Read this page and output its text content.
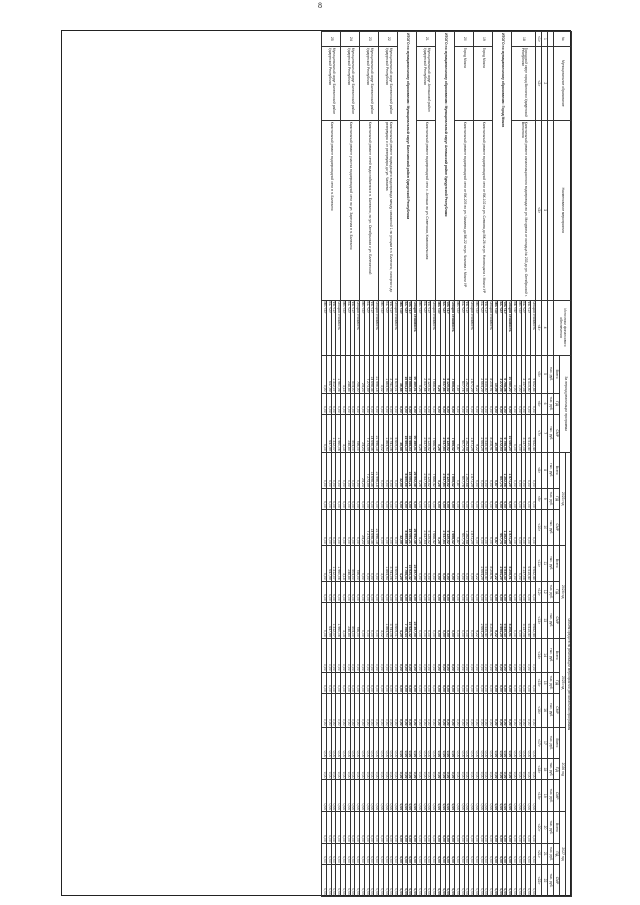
8
№	Муниципальное образование	Наименование мероприятия	Источники финансового обеспечения	За период реализации программы			Объем средств по реализации мероприятий региональной программы														
							2023 год			2024 год			2025 год			2026 год			2027 год		
				Всего	ПД	СМР	Всего	ПД	СМР	Всего	ПД	СМР	Всего	ПД	СМР	Всего	ПД	СМР	Всего	ПД	СМР
				тыс. руб.	тыс. руб.	тыс. руб.	тыс. руб.	тыс. руб.	тыс. руб.	тыс. руб.	тыс. руб.	тыс. руб.	тыс. руб.	тыс. руб.	тыс. руб.	тыс. руб.	тыс. руб.	тыс. руб.	тыс. руб.	тыс. руб.	тыс. руб.
1	2	3	4	5	6	7	8	9	10	11	12	13	14	15	16	17	18	19	20	21	22
<1>	<2>	<3>	<4>	<5>	<6>	<7>	<8>	<9>	<10>	<11>	<12>	<13>	<14>	<15>	<16>	<17>	<18>	<19>	<20>	<21>	<22>
18	Городской округ город Воткинск Удмуртской Республики	Капитальный ремонт канализационного водопровода по ул. Мичурина от колодца № 233 до ул. Октябрьской г. Воткинска	Общая стоимость	9 652,45	0,00	9 652,45	0,00	0,00	0,00	9 652,45	0,00	9 652,45	0,00	0,00	0,00	0,00	0,00	0,00	0,00	0,00	0,00
			ФБ <1>	6 515,40	0,00	6 515,40	0,00	0,00	0,00	6 515,40	0,00	6 515,40	0,00	0,00	0,00	0,00	0,00	0,00	0,00	0,00	0,00
			БС <2>	3 137,05	0,00	3 137,05	0,00	0,00	0,00	3 137,05	0,00	3 137,05	0,00	0,00	0,00	0,00	0,00	0,00	0,00	0,00	0,00
			МБ <3>	0,00	0,00	0,00	0,00	0,00	0,00	0,00	0,00	0,00	0,00	0,00	0,00	0,00	0,00	0,00	0,00	0,00	0,00
			ВБ <4>	0,00	0,00	0,00	0,00	0,00	0,00	0,00	0,00	0,00	0,00	0,00	0,00	0,00	0,00	0,00	0,00	0,00	0,00
ИТОГО по муниципальному образованию: Город Можга			Общая стоимость	10 080,20	0,00	10 080,20	1 871,29	0,00	1 871,29	8 208,91	0,00	8 208,91	0,00	0,00	0,00	0,00	0,00	0,00	0,00	0,00	0,00
			ФБ <1>	6 798,08	0,00	6 798,08	1 262,68	0,00	1 262,68	5 535,40	0,00	5 535,40	0,00	0,00	0,00	0,00	0,00	0,00	0,00	0,00	0,00
			БС <2>	3 272,03	0,00	3 272,03	607,74	0,00	607,74	2 664,29	0,00	2 664,29	0,00	0,00	0,00	0,00	0,00	0,00	0,00	0,00	0,00
			МБ <3>	10,09	0,00	10,09	0,87	0,00	0,87	9,22	0,00	9,22	0,00	0,00	0,00	0,00	0,00	0,00	0,00	0,00	0,00
19	Город Можга	Капитальный ремонт водопроводной сети от ВК-102 на ул. Сивкова до ВК-26 на ул. Наговицына г. Можги УР	Общая стоимость	8 208,91	0,00	8 208,91	0,00	0,00	0,00	8 208,91	0,00	8 208,91	0,00	0,00	0,00	0,00	0,00	0,00	0,00	0,00	0,00
			ФБ <1>	5 535,40	0,00	5 535,40	0,00	0,00	0,00	5 535,40	0,00	5 535,40	0,00	0,00	0,00	0,00	0,00	0,00	0,00	0,00	0,00
			БС <2>	2 664,29	0,00	2 664,29	0,00	0,00	0,00	2 664,29	0,00	2 664,29	0,00	0,00	0,00	0,00	0,00	0,00	0,00	0,00	0,00
			МБ <3>	9,22	0,00	9,22	0,00	0,00	0,00	9,22	0,00	9,22	0,00	0,00	0,00	0,00	0,00	0,00	0,00	0,00	0,00
20	Город Можга	Капитальный ремонт водопроводной сети от ВК-205 по ул. Чапаева до ВК-22 на ул. Чкалова г. Можги УР	Общая стоимость	1 871,29	0,00	1 871,29	1 871,29	0,00	1 871,29	0,00	0,00	0,00	0,00	0,00	0,00	0,00	0,00	0,00	0,00	0,00	0,00
			ФБ <1>	1 262,68	0,00	1 262,68	1 262,68	0,00	1 262,68	0,00	0,00	0,00	0,00	0,00	0,00	0,00	0,00	0,00	0,00	0,00	0,00
			БС <2>	607,74	0,00	607,74	607,74	0,00	607,74	0,00	0,00	0,00	0,00	0,00	0,00	0,00	0,00	0,00	0,00	0,00	0,00
			МБ <3>	0,87	0,00	0,87	0,87	0,00	0,87	0,00	0,00	0,00	0,00	0,00	0,00	0,00	0,00	0,00	0,00	0,00	0,00
ИТОГО по муниципальному образованию: Муниципальный округ Алнашский район Удмуртской Республики			Общая стоимость	7 668,42	0,00	7 668,42	7 668,42	0,00	7 668,42	0,00	0,00	0,00	0,00	0,00	0,00	0,00	0,00	0,00	0,00	0,00	0,00
			ФБ <1>	5 125,52	0,00	5 125,52	5 125,52	0,00	5 125,52	0,00	0,00	0,00	0,00	0,00	0,00	0,00	0,00	0,00	0,00	0,00	0,00
			БС <2>	2 537,64	0,00	2 537,64	2 537,64	0,00	2 537,64	0,00	0,00	0,00	0,00	0,00	0,00	0,00	0,00	0,00	0,00	0,00	0,00
			МБ <3>	5,26	0,00	5,26	5,26	0,00	5,26	0,00	0,00	0,00	0,00	0,00	0,00	0,00	0,00	0,00	0,00	0,00	0,00
21	Муниципальный округ Алнашский район Удмуртской Республики	Капитальный ремонт водопроводной сети с. Алнаши по ул. Советская, Комсомольская	Общая стоимость	7 668,42	0,00	7 668,42	7 668,42	0,00	7 668,42	0,00	0,00	0,00	0,00	0,00	0,00	0,00	0,00	0,00	0,00	0,00	0,00
			ФБ <1>	5 125,52	0,00	5 125,52	5 125,52	0,00	5 125,52	0,00	0,00	0,00	0,00	0,00	0,00	0,00	0,00	0,00	0,00	0,00	0,00
			БС <2>	2 537,64	0,00	2 537,64	2 537,64	0,00	2 537,64	0,00	0,00	0,00	0,00	0,00	0,00	0,00	0,00	0,00	0,00	0,00	0,00
			МБ <3>	5,26	0,00	5,26	5,26	0,00	5,26	0,00	0,00	0,00	0,00	0,00	0,00	0,00	0,00	0,00	0,00	0,00	0,00
ИТОГО по муниципальному образованию: Муниципальный округ Балезинский район Удмуртской Республики			Общая стоимость	50 389,51	0,00	50 389,51	26 992,46	0,00	26 992,46	23 397,05	0,00	23 397,05	0,00	0,00	0,00	0,00	0,00	0,00	0,00	0,00	0,00
			ФБ <1>	33 688,53	0,00	33 688,53	18 064,21	0,00	18 064,21	15 624,32	0,00	15 624,32	0,00	0,00	0,00	0,00	0,00	0,00	0,00	0,00	0,00
			БС <2>	16 664,10	0,00	16 664,10	8 895,66	0,00	8 895,66	7 768,44	0,00	7 768,44	0,00	0,00	0,00	0,00	0,00	0,00	0,00	0,00	0,00
			МБ <3>	36,88	0,00	36,88	32,59	0,00	32,59	4,29	0,00	4,29	0,00	0,00	0,00	0,00	0,00	0,00	0,00	0,00	0,00
22	Муниципальный округ Балезинский район Удмуртской Республики	Капитальный ремонт подводящего водопровода между скважиной 1 по улицам в п. Балезино, напорного до резервуара и от резервуара до ул. Чапаева	Общая стоимость	5 609,01	0,00	5 609,01	0,00	0,00	0,00	5 609,01	0,00	5 609,01	0,00	0,00	0,00	0,00	0,00	0,00	0,00	0,00	0,00
			ФБ <1>	3 741,06	0,00	3 741,06	0,00	0,00	0,00	3 741,06	0,00	3 741,06	0,00	0,00	0,00	0,00	0,00	0,00	0,00	0,00	0,00
			БС <2>	1 864,93	0,00	1 864,93	0,00	0,00	0,00	1 864,93	0,00	1 864,93	0,00	0,00	0,00	0,00	0,00	0,00	0,00	0,00	0,00
			МБ <3>	3,02	0,00	3,02	0,00	0,00	0,00	3,02	0,00	3,02	0,00	0,00	0,00	0,00	0,00	0,00	0,00	0,00	0,00
23	Муниципальный округ Балезинский район Удмуртской Республики	Капитальный ремонт сетей водоснабжения в п. Балезино, по ул. Октябрьская и ул. Балезинской	Общая стоимость	21 996,18	0,00	21 996,18	21 996,18	0,00	21 996,18	0,00	0,00	0,00	0,00	0,00	0,00	0,00	0,00	0,00	0,00	0,00	0,00
			ФБ <1>	14 698,36	0,00	14 698,36	14 698,36	0,00	14 698,36	0,00	0,00	0,00	0,00	0,00	0,00	0,00	0,00	0,00	0,00	0,00	0,00
			БС <2>	7 273,59	0,00	7 273,59	7 273,59	0,00	7 273,59	0,00	0,00	0,00	0,00	0,00	0,00	0,00	0,00	0,00	0,00	0,00	0,00
			МБ <3>	24,23	0,00	24,23	24,23	0,00	24,23	0,00	0,00	0,00	0,00	0,00	0,00	0,00	0,00	0,00	0,00	0,00	0,00
24	Муниципальный округ Балезинский район Удмуртской Республики	Капитальный ремонт участка водопроводной сети по ул. Заречная в п. Балезино	Общая стоимость	756,00	0,00	756,00	0,00	0,00	0,00	756,00	0,00	756,00	0,00	0,00	0,00	0,00	0,00	0,00	0,00	0,00	0,00
			ФБ <1>	504,00	0,00	504,00	0,00	0,00	0,00	504,00	0,00	504,00	0,00	0,00	0,00	0,00	0,00	0,00	0,00	0,00	0,00
			БС <2>	248,85	0,00	248,85	0,00	0,00	0,00	248,85	0,00	248,85	0,00	0,00	0,00	0,00	0,00	0,00	0,00	0,00	0,00
			МБ <3>	3,15	0,00	3,15	0,00	0,00	0,00	3,15	0,00	3,15	0,00	0,00	0,00	0,00	0,00	0,00	0,00	0,00	0,00
25	Муниципальный округ Балезинский район Удмуртской Республики	Капитальный ремонт водопроводной сети в п. Балезино	Общая стоимость	1 960,06	0,00	1 960,06	0,00	0,00	0,00	1 960,06	0,00	1 960,06	0,00	0,00	0,00	0,00	0,00	0,00	0,00	0,00	0,00
			ФБ <1>	1 312,07	0,00	1 312,07	0,00	0,00	0,00	1 312,07	0,00	1 312,07	0,00	0,00	0,00	0,00	0,00	0,00	0,00	0,00	0,00
			БС <2>	647,99	0,00	647,99	0,00	0,00	0,00	647,99	0,00	647,99	0,00	0,00	0,00	0,00	0,00	0,00	0,00	0,00	0,00
			МБ <3>	0,00	0,00	0,00	0,00	0,00	0,00	0,00	0,00	0,00	0,00	0,00	0,00	0,00	0,00	0,00	0,00	0,00	0,00
